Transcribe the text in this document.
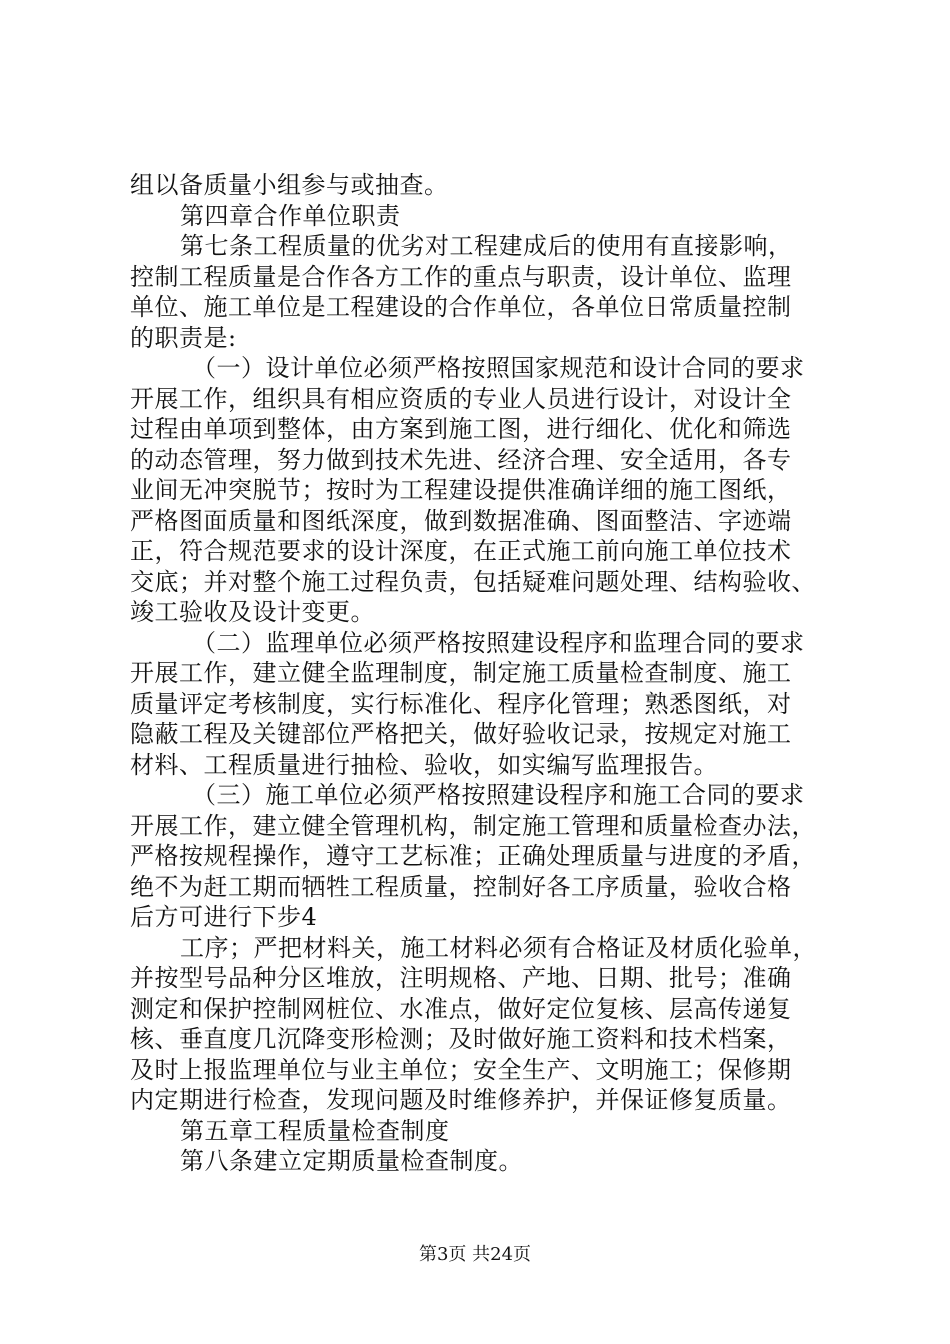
组以备质量小组参与或抽查。
第四章合作单位职责
第七条工程质量的优劣对工程建成后的使用有直接影响，
控制工程质量是合作各方工作的重点与职责，设计单位、监理
单位、施工单位是工程建设的合作单位，各单位日常质量控制
的职责是:
（一）设计单位必须严格按照国家规范和设计合同的要求
开展工作，组织具有相应资质的专业人员进行设计，对设计全
过程由单项到整体，由方案到施工图，进行细化、优化和筛选
的动态管理，努力做到技术先进、经济合理、安全适用，各专
业间无冲突脱节；按时为工程建设提供准确详细的施工图纸，
严格图面质量和图纸深度，做到数据准确、图面整洁、字迹端
正，符合规范要求的设计深度，在正式施工前向施工单位技术
交底；并对整个施工过程负责，包括疑难问题处理、结构验收、
竣工验收及设计变更。
（二）监理单位必须严格按照建设程序和监理合同的要求
开展工作，建立健全监理制度，制定施工质量检查制度、施工
质量评定考核制度，实行标准化、程序化管理；熟悉图纸，对
隐蔽工程及关键部位严格把关，做好验收记录，按规定对施工
材料、工程质量进行抽检、验收，如实编写监理报告。
（三）施工单位必须严格按照建设程序和施工合同的要求
开展工作，建立健全管理机构，制定施工管理和质量检查办法，
严格按规程操作，遵守工艺标准；正确处理质量与进度的矛盾，
绝不为赶工期而牺牲工程质量，控制好各工序质量，验收合格
后方可进行下步4
工序；严把材料关，施工材料必须有合格证及材质化验单，
并按型号品种分区堆放，注明规格、产地、日期、批号；准确
测定和保护控制网桩位、水准点，做好定位复核、层高传递复
核、垂直度几沉降变形检测；及时做好施工资料和技术档案，
及时上报监理单位与业主单位；安全生产、文明施工；保修期
内定期进行检查，发现问题及时维修养护，并保证修复质量。
第五章工程质量检查制度
第八条建立定期质量检查制度。
第3页 共24页
